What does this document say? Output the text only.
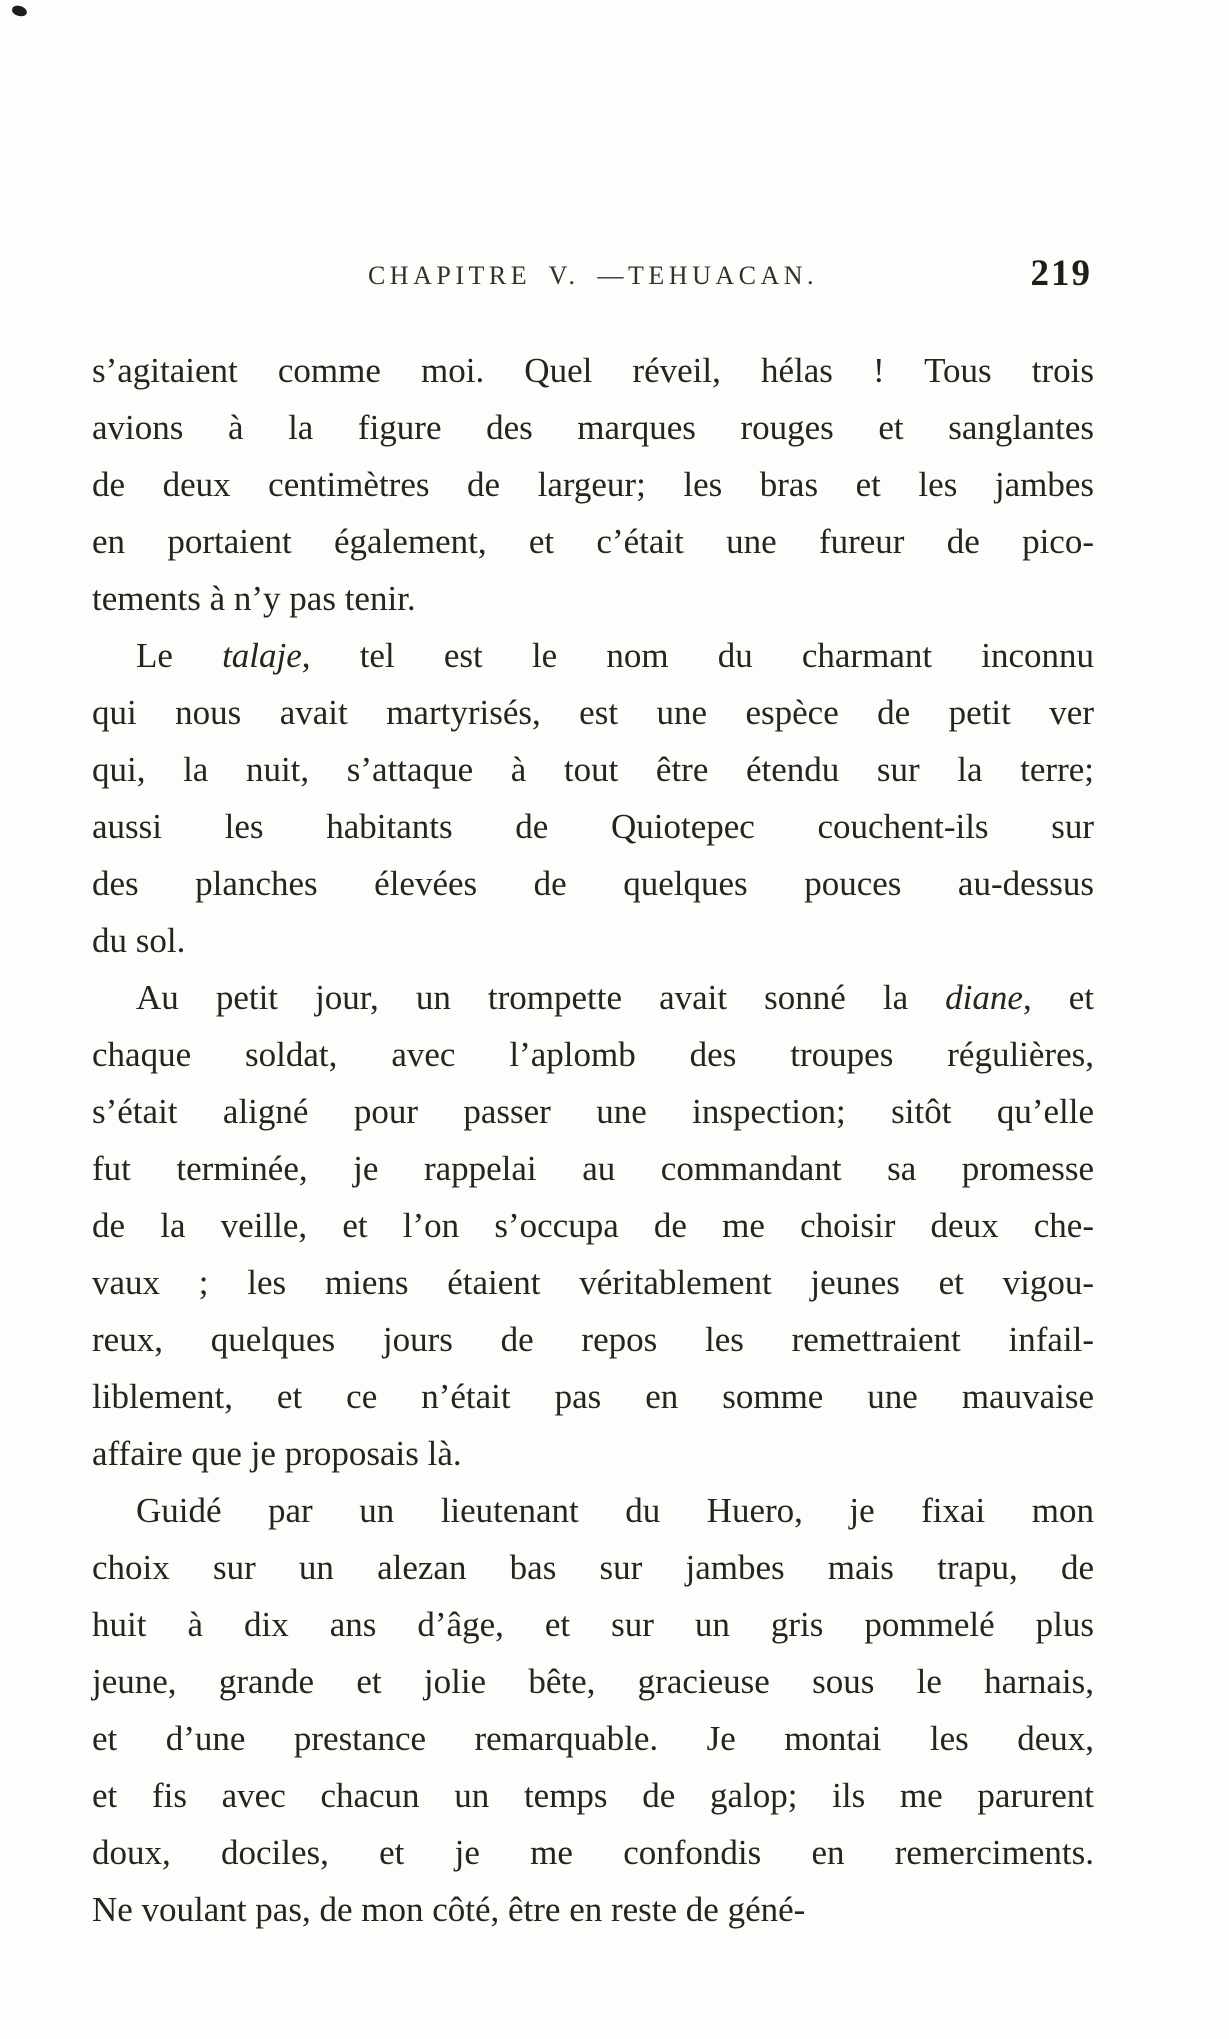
CHAPITRE V. —TEHUACAN.	219
s’agitaient comme moi. Quel réveil, hélas ! Tous trois
avions à la figure des marques rouges et sanglantes
de deux centimètres de largeur; les bras et les jambes
en portaient également, et c’était une fureur de pico-
tements à n’y pas tenir.
Le talaje, tel est le nom du charmant inconnu
qui nous avait martyrisés, est une espèce de petit ver
qui, la nuit, s’attaque à tout être étendu sur la terre;
aussi les habitants de Quiotepec couchent-ils sur
des planches élevées de quelques pouces au-dessus
du sol.
Au petit jour, un trompette avait sonné la diane, et
chaque soldat, avec l’aplomb des troupes régulières,
s’était aligné pour passer une inspection; sitôt qu’elle
fut terminée, je rappelai au commandant sa promesse
de la veille, et l’on s’occupa de me choisir deux che-
vaux ; les miens étaient véritablement jeunes et vigou-
reux, quelques jours de repos les remettraient infail-
liblement, et ce n’était pas en somme une mauvaise
affaire que je proposais là.
Guidé par un lieutenant du Huero, je fixai mon
choix sur un alezan bas sur jambes mais trapu, de
huit à dix ans d’âge, et sur un gris pommelé plus
jeune, grande et jolie bête, gracieuse sous le harnais,
et d’une prestance remarquable. Je montai les deux,
et fis avec chacun un temps de galop; ils me parurent
doux, dociles, et je me confondis en remerciments.
Ne voulant pas, de mon côté, être en reste de géné-
